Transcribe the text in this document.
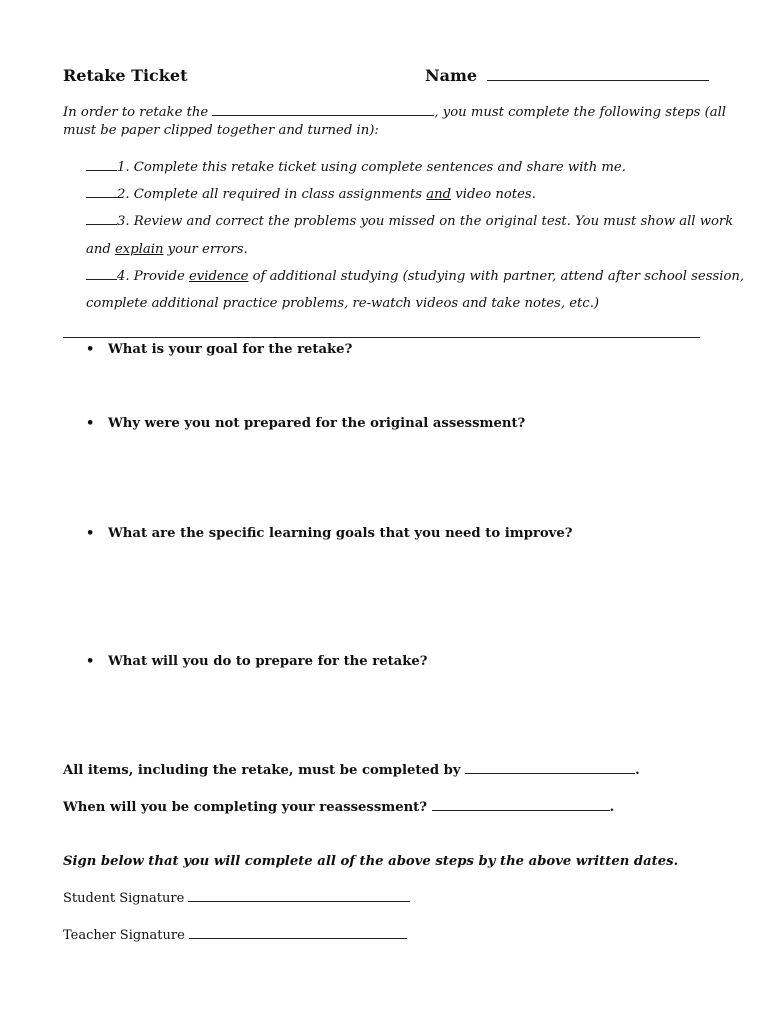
Retake Ticket	Name
In order to retake the	, you must complete the following steps (all
must be paper clipped together and turned in):
1. Complete this retake ticket using complete sentences and share with me.
2. Complete all required in class assignments and video notes.
3. Review and correct the problems you missed on the original test. You must show all work
and explain your errors.
4. Provide evidence of additional studying (studying with partner, attend after school session,
complete additional practice problems, re-watch videos and take notes, etc.)
• What is your goal for the retake?
• Why were you not prepared for the original assessment?
• What are the specific learning goals that you need to improve?
• What will you do to prepare for the retake?
All items, including the retake, must be completed by	.
When will you be completing your reassessment?	.
Sign below that you will complete all of the above steps by the above written dates.
Student Signature
Teacher Signature
